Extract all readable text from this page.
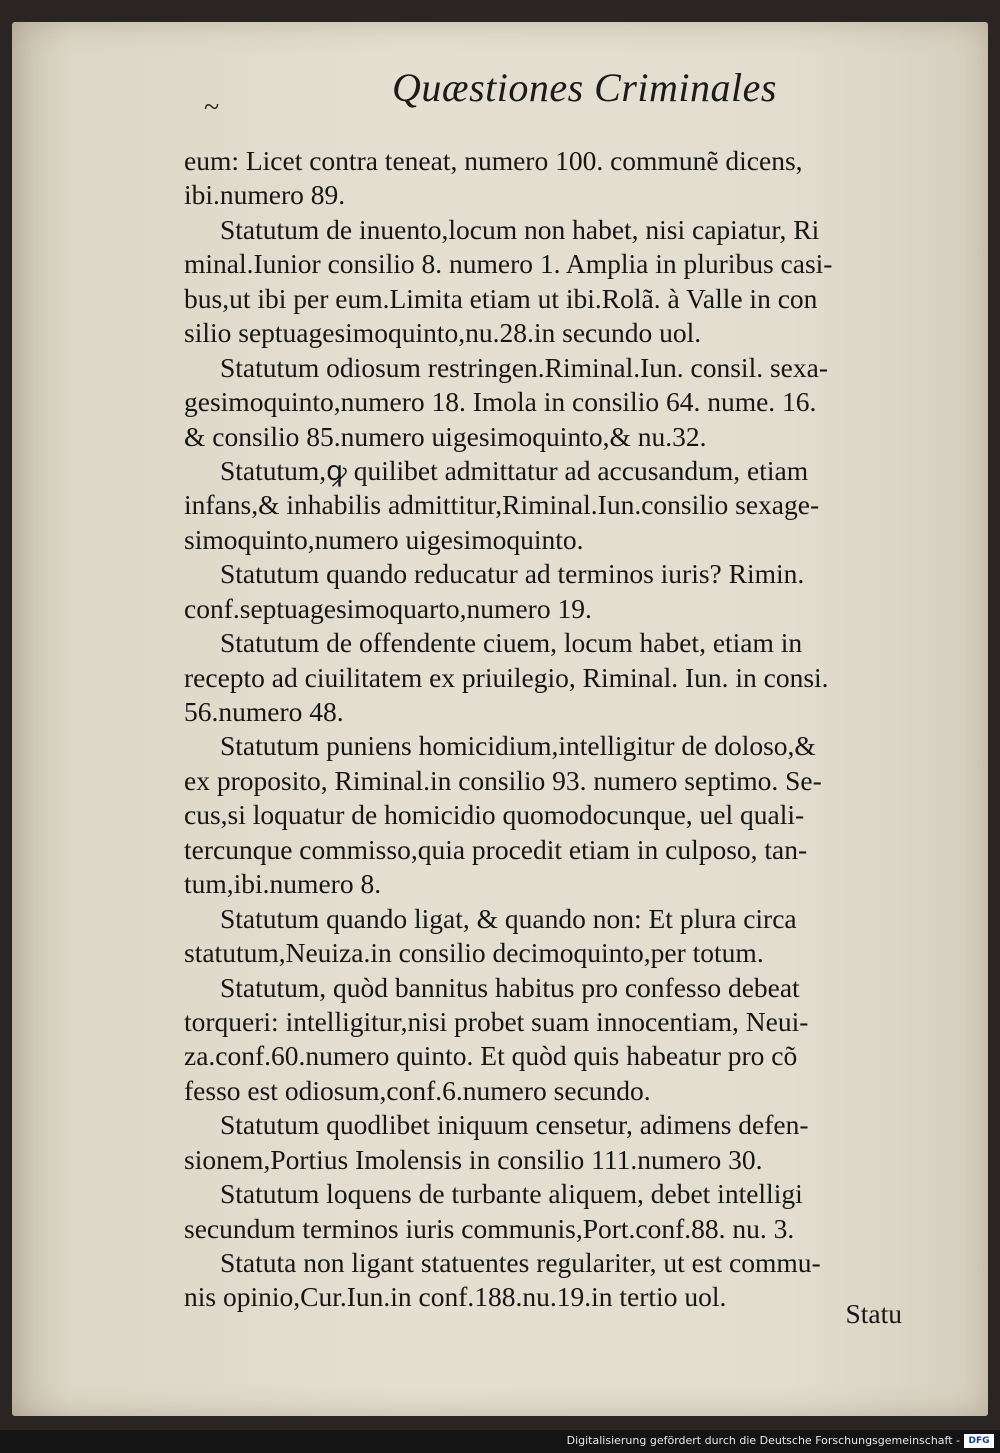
~	Quæstiones Criminales
eum: Licet contra teneat, numero 100. communẽ dicens,
ibi.numero 89.
Statutum de inuento,locum non habet, nisi capiatur, Ri
minal.Iunior consilio 8. numero 1. Amplia in pluribus casi-
bus,ut ibi per eum.Limita etiam ut ibi.Rolã. à Valle in con
silio septuagesimoquinto,nu.28.in secundo uol.
Statutum odiosum restringen.Riminal.Iun. consil. sexa-
gesimoquinto,numero 18. Imola in consilio 64. nume. 16.
& consilio 85.numero uigesimoquinto,& nu.32.
Statutum,ꝙ quilibet admittatur ad accusandum, etiam
infans,& inhabilis admittitur,Riminal.Iun.consilio sexage-
simoquinto,numero uigesimoquinto.
Statutum quando reducatur ad terminos iuris? Rimin.
conf.septuagesimoquarto,numero 19.
Statutum de offendente ciuem, locum habet, etiam in
recepto ad ciuilitatem ex priuilegio, Riminal. Iun. in consi.
56.numero 48.
Statutum puniens homicidium,intelligitur de doloso,&
ex proposito, Riminal.in consilio 93. numero septimo. Se-
cus,si loquatur de homicidio quomodocunque, uel quali-
tercunque commisso,quia procedit etiam in culposo, tan-
tum,ibi.numero 8.
Statutum quando ligat, & quando non: Et plura circa
statutum,Neuiza.in consilio decimoquinto,per totum.
Statutum, quòd bannitus habitus pro confesso debeat
torqueri: intelligitur,nisi probet suam innocentiam, Neui-
za.conf.60.numero quinto. Et quòd quis habeatur pro cõ
fesso est odiosum,conf.6.numero secundo.
Statutum quodlibet iniquum censetur, adimens defen-
sionem,Portius Imolensis in consilio 111.numero 30.
Statutum loquens de turbante aliquem, debet intelligi
secundum terminos iuris communis,Port.conf.88. nu. 3.
Statuta non ligant statuentes regulariter, ut est commu-
nis opinio,Cur.Iun.in conf.188.nu.19.in tertio uol.
Statu
Digitalisierung gefördert durch die Deutsche Forschungsgemeinschaft - DFG
